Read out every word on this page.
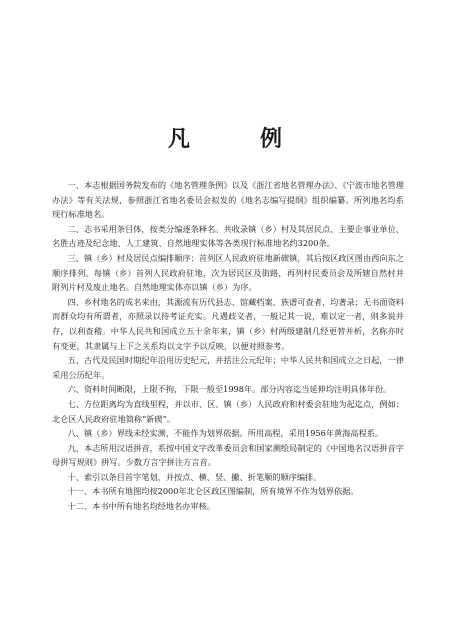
凡　例

一、本志根据国务院发布的《地名管理条例》以及《浙江省地名管理办法》、《宁波市地名管理办法》等有关法规，参照浙江省地名委员会拟发的《地名志编写提纲》组织编纂。所列地名均系现行标准地名。

二、志书采用条目体，按类分编逐条释名。共收录镇（乡）村及其居民点、主要企事业单位、名胜古迹及纪念地、人工建筑、自然地理实体等各类现行标准地名约3200条。

三、镇（乡）村及居民点编排顺序：首列区人民政府驻地新碶镇，其后按区政区图由西向东之顺序排列。每镇（乡）首列人民政府驻地，次为居民区及街路，再列村民委员会及所辖自然村并附列片村及废止地名。自然地理实体亦以镇（乡）为序。

四、乡村地名的成名来由，其源流有历代县志、馆藏档案、族谱可查者，均著录；无书面资料而群众均有所谓者，亦照录以待考证充实。凡遇歧义者，一般记其一说，难以定一者，则多说并存，以利查稽。中华人民共和国成立五十余年来，镇（乡）村两级建制几经更替并析，名称亦时有变更，其隶属与上下之关系均以文字予以反映，以便对照参考。

五、古代及民国时期纪年沿用历史纪元，并括注公元纪年；中华人民共和国成立之日起，一律采用公历纪年。

六、资料时间断限，上限不拘，下限一般至1998年。部分内容迄当延伸均注明具体年份。

七、方位距离均为直线里程，并以市、区、镇（乡）人民政府和村委会驻地为起迄点，例如：北仑区人民政府驻地简称“新碶”。

八、镇（乡）界线未经实测，不能作为划界依据。所用高程，采用1956年黄海高程系。

九、本志所用汉语拼音，系按中国文字改革委员会和国家测绘局制定的《中国地名汉语拼音字母拼写规则》拼写。少数方言字拼注方言音。

十、索引以条目首字笔划，并按点、横、竖、撇、折笔顺的顺序编排。

十一、本书所有地图均按2000年北仑区政区图编制，所有境界不作为划界依据。

十二、本书中所有地名均经地名办审核。
